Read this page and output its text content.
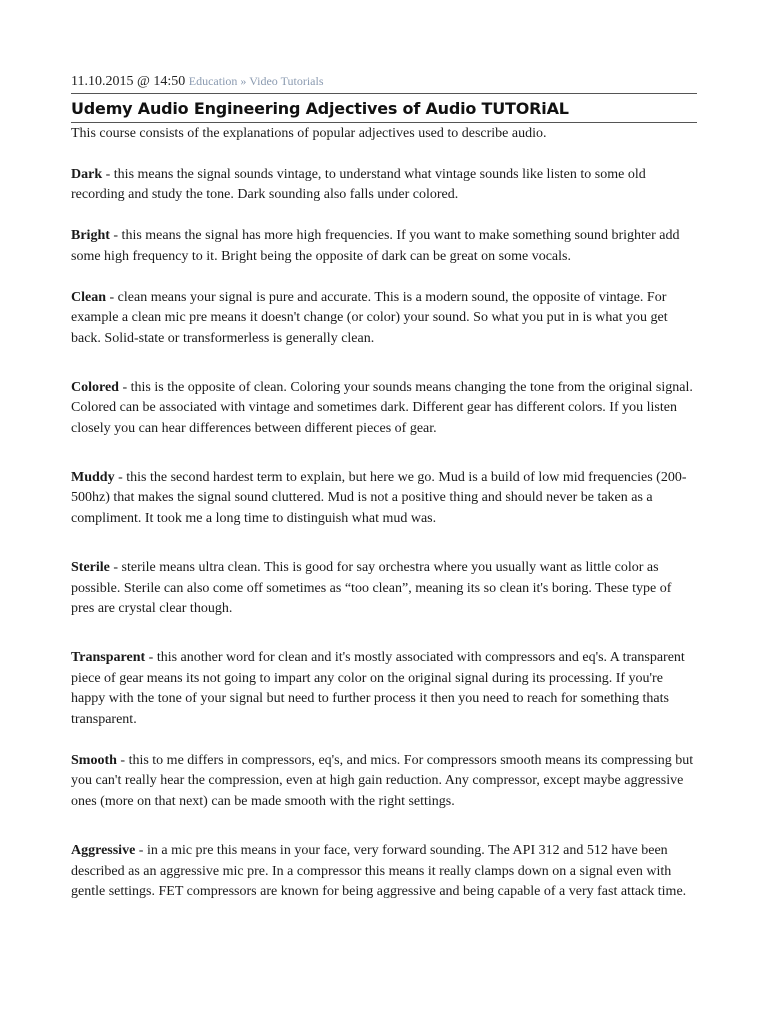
11.10.2015 @ 14:50 Education » Video Tutorials
Udemy Audio Engineering Adjectives of Audio TUTORiAL
This course consists of the explanations of popular adjectives used to describe audio.

Dark - this means the signal sounds vintage, to understand what vintage sounds like listen to some old recording and study the tone. Dark sounding also falls under colored.

Bright - this means the signal has more high frequencies. If you want to make something sound brighter add some high frequency to it. Bright being the opposite of dark can be great on some vocals.

Clean - clean means your signal is pure and accurate. This is a modern sound, the opposite of vintage. For example a clean mic pre means it doesn't change (or color) your sound. So what you put in is what you get back. Solid-state or transformerless is generally clean.

Colored - this is the opposite of clean. Coloring your sounds means changing the tone from the original signal. Colored can be associated with vintage and sometimes dark. Different gear has different colors. If you listen closely you can hear differences between different pieces of gear.

Muddy - this the second hardest term to explain, but here we go. Mud is a build of low mid frequencies (200-500hz) that makes the signal sound cluttered. Mud is not a positive thing and should never be taken as a compliment. It took me a long time to distinguish what mud was.

Sterile - sterile means ultra clean. This is good for say orchestra where you usually want as little color as possible. Sterile can also come off sometimes as “too clean”, meaning its so clean it's boring. These type of pres are crystal clear though.

Transparent - this another word for clean and it's mostly associated with compressors and eq's. A transparent piece of gear means its not going to impart any color on the original signal during its processing. If you're happy with the tone of your signal but need to further process it then you need to reach for something thats transparent.

Smooth - this to me differs in compressors, eq's, and mics. For compressors smooth means its compressing but you can't really hear the compression, even at high gain reduction. Any compressor, except maybe aggressive ones (more on that next) can be made smooth with the right settings.

Aggressive - in a mic pre this means in your face, very forward sounding. The API 312 and 512 have been described as an aggressive mic pre. In a compressor this means it really clamps down on a signal even with gentle settings. FET compressors are known for being aggressive and being capable of a very fast attack time.
